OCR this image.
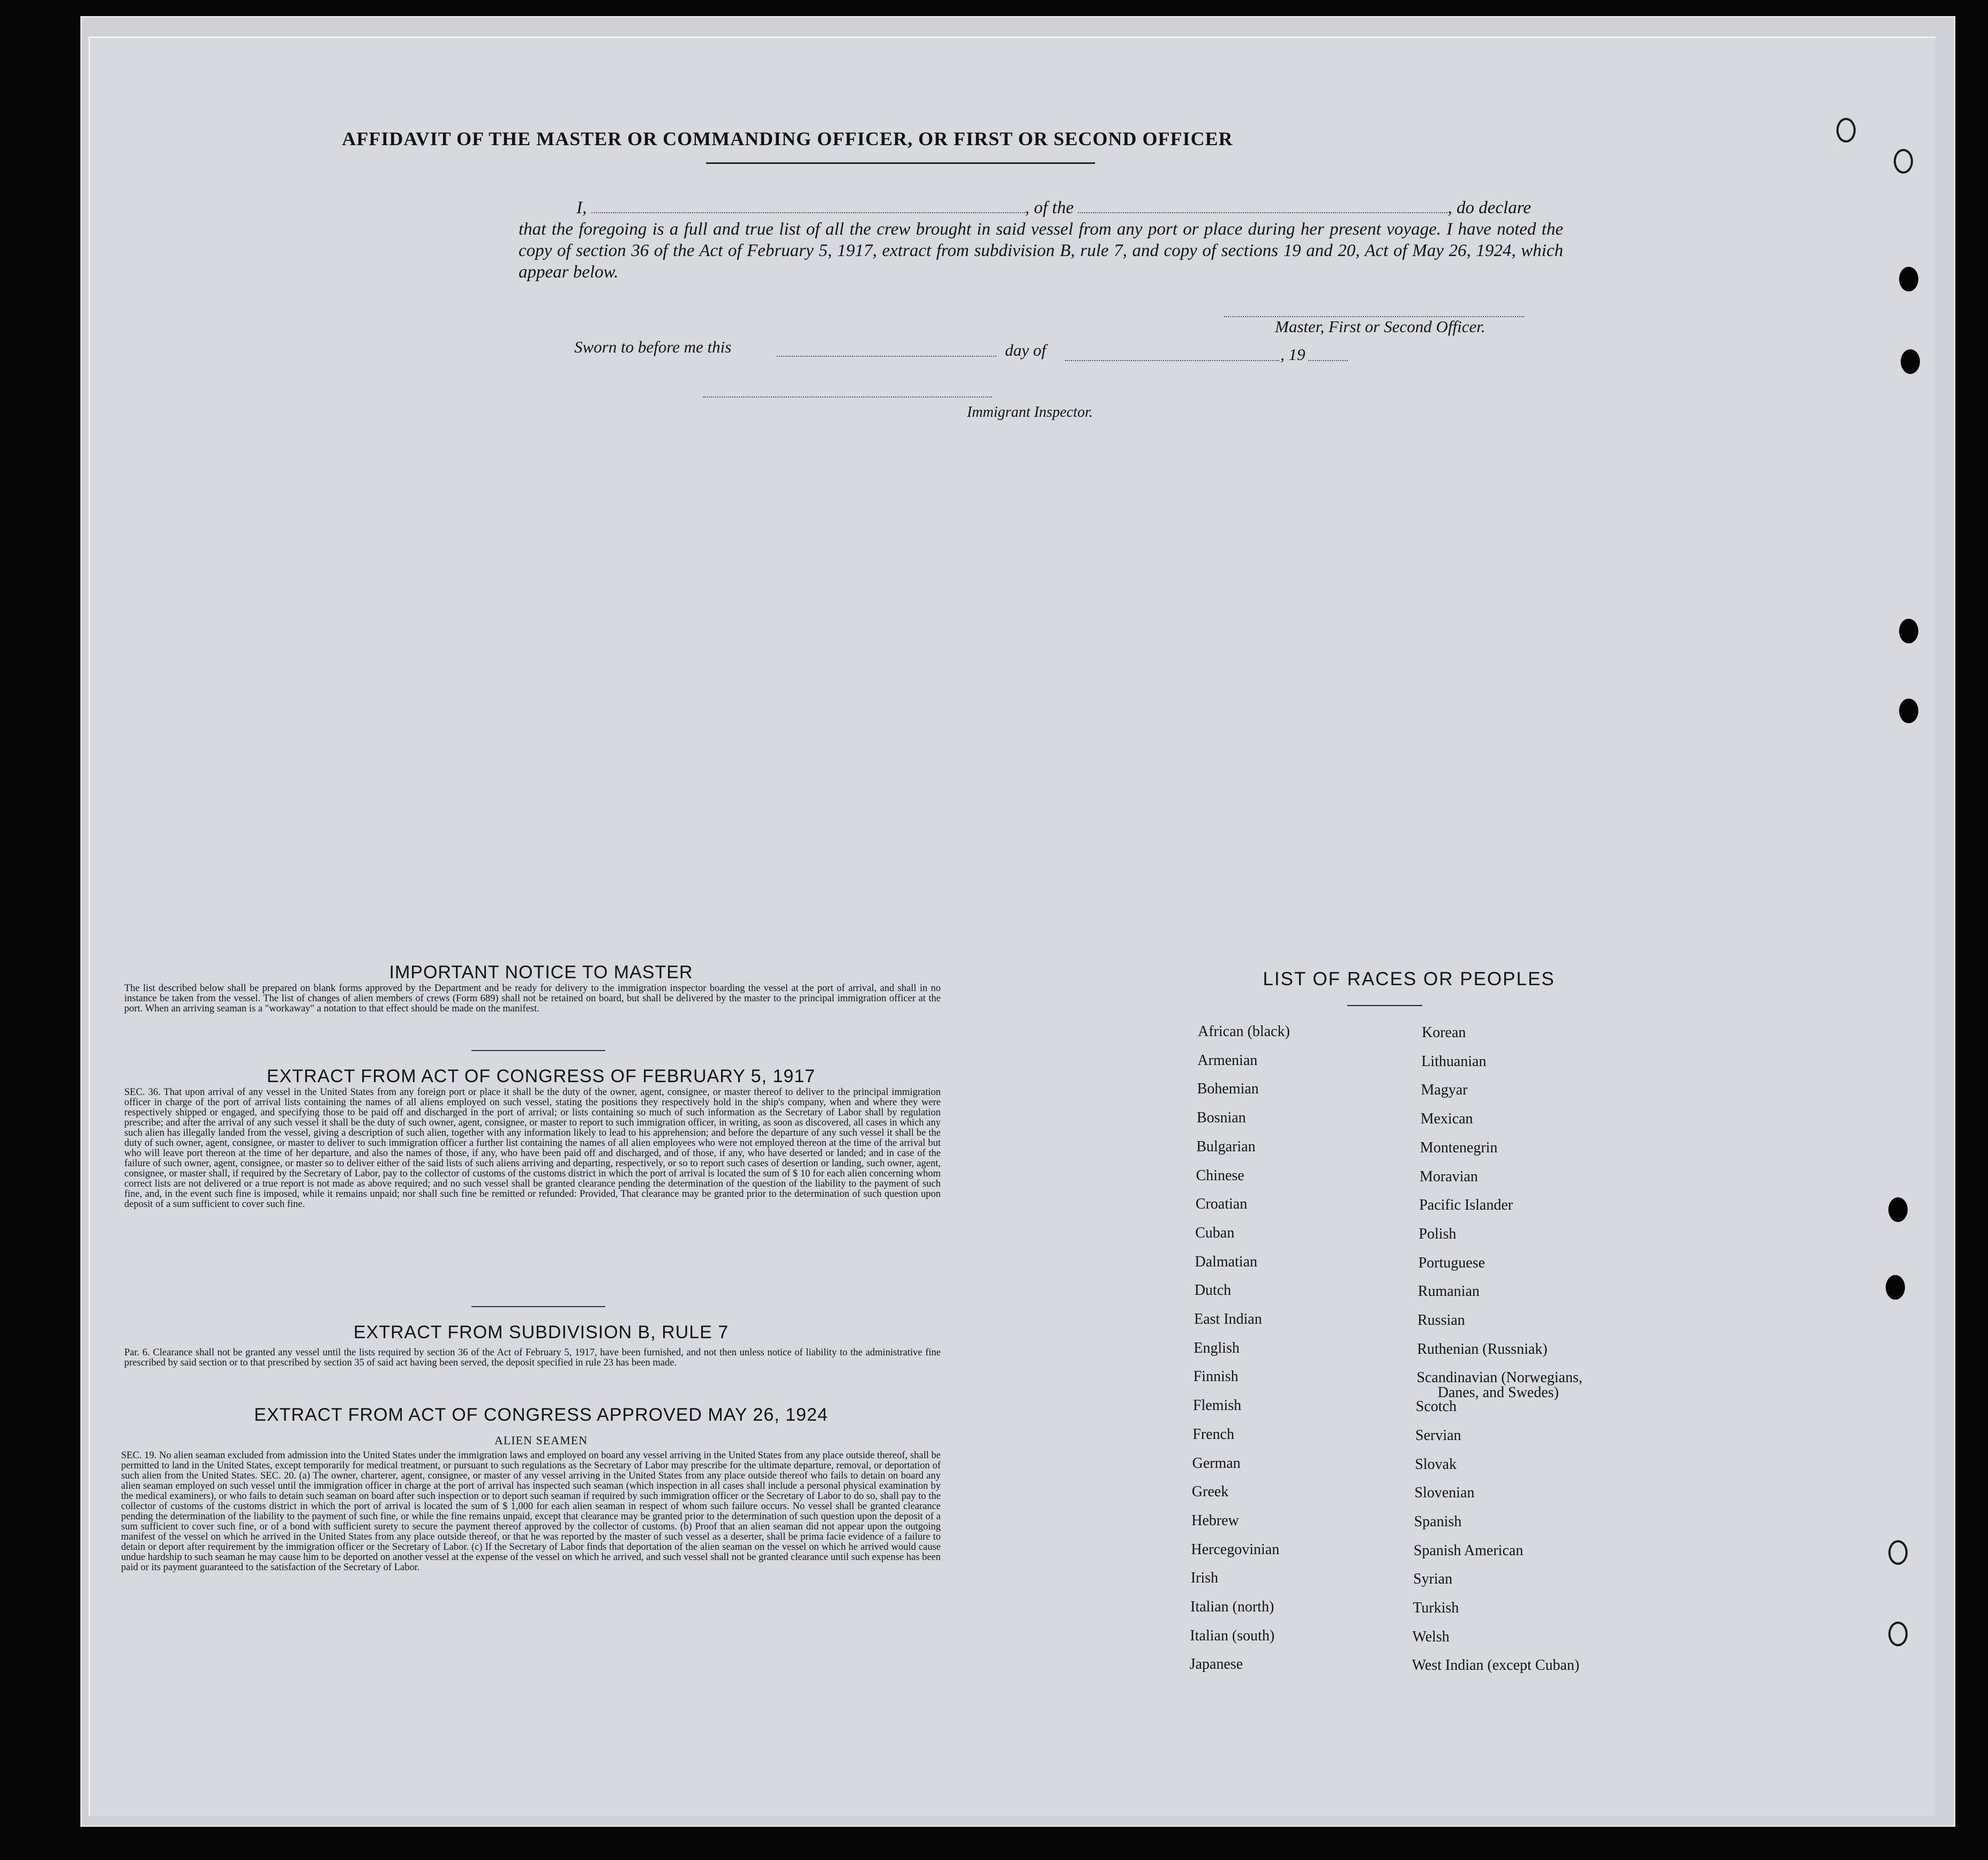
AFFIDAVIT OF THE MASTER OR COMMANDING OFFICER, OR FIRST OR SECOND OFFICER
I,	, of the	, do declare
that the foregoing is a full and true list of all the crew brought in said vessel from any port or place during her present voyage. I have noted the copy of section 36 of the Act of February 5, 1917, extract from subdivision B, rule 7, and copy of sections 19 and 20, Act of May 26, 1924, which appear below.
Master, First or Second Officer.
Sworn to before me this	day of	, 19
Immigrant Inspector.
IMPORTANT NOTICE TO MASTER
The list described below shall be prepared on blank forms approved by the Department and be ready for delivery to the immigration inspector boarding the vessel at the port of arrival, and shall in no instance be taken from the vessel. The list of changes of alien members of crews (Form 689) shall not be retained on board, but shall be delivered by the master to the principal immigration officer at the port. When an arriving seaman is a "workaway" a notation to that effect should be made on the manifest.
EXTRACT FROM ACT OF CONGRESS OF FEBRUARY 5, 1917
SEC. 36. That upon arrival of any vessel in the United States from any foreign port or place it shall be the duty of the owner, agent, consignee, or master thereof to deliver to the principal immigration officer in charge of the port of arrival lists containing the names of all aliens employed on such vessel, stating the positions they respectively hold in the ship's company, when and where they were respectively shipped or engaged, and specifying those to be paid off and discharged in the port of arrival; or lists containing so much of such information as the Secretary of Labor shall by regulation prescribe; and after the arrival of any such vessel it shall be the duty of such owner, agent, consignee, or master to report to such immigration officer, in writing, as soon as discovered, all cases in which any such alien has illegally landed from the vessel, giving a description of such alien, together with any information likely to lead to his apprehension; and before the departure of any such vessel it shall be the duty of such owner, agent, consignee, or master to deliver to such immigration officer a further list containing the names of all alien employees who were not employed thereon at the time of the arrival but who will leave port thereon at the time of her departure, and also the names of those, if any, who have been paid off and discharged, and of those, if any, who have deserted or landed; and in case of the failure of such owner, agent, consignee, or master so to deliver either of the said lists of such aliens arriving and departing, respectively, or so to report such cases of desertion or landing, such owner, agent, consignee, or master shall, if required by the Secretary of Labor, pay to the collector of customs of the customs district in which the port of arrival is located the sum of $ 10 for each alien concerning whom correct lists are not delivered or a true report is not made as above required; and no such vessel shall be granted clearance pending the determination of the question of the liability to the payment of such fine, and, in the event such fine is imposed, while it remains unpaid; nor shall such fine be remitted or refunded: Provided, That clearance may be granted prior to the determination of such question upon deposit of a sum sufficient to cover such fine.
EXTRACT FROM SUBDIVISION B, RULE 7
Par. 6. Clearance shall not be granted any vessel until the lists required by section 36 of the Act of February 5, 1917, have been furnished, and not then unless notice of liability to the administrative fine prescribed by said section or to that prescribed by section 35 of said act having been served, the deposit specified in rule 23 has been made.
EXTRACT FROM ACT OF CONGRESS APPROVED MAY 26, 1924
ALIEN SEAMEN
SEC. 19. No alien seaman excluded from admission into the United States under the immigration laws and employed on board any vessel arriving in the United States from any place outside thereof, shall be permitted to land in the United States, except temporarily for medical treatment, or pursuant to such regulations as the Secretary of Labor may prescribe for the ultimate departure, removal, or deportation of such alien from the United States. SEC. 20. (a) The owner, charterer, agent, consignee, or master of any vessel arriving in the United States from any place outside thereof who fails to detain on board any alien seaman employed on such vessel until the immigration officer in charge at the port of arrival has inspected such seaman (which inspection in all cases shall include a personal physical examination by the medical examiners), or who fails to detain such seaman on board after such inspection or to deport such seaman if required by such immigration officer or the Secretary of Labor to do so, shall pay to the collector of customs of the customs district in which the port of arrival is located the sum of $ 1,000 for each alien seaman in respect of whom such failure occurs. No vessel shall be granted clearance pending the determination of the liability to the payment of such fine, or while the fine remains unpaid, except that clearance may be granted prior to the determination of such question upon the deposit of a sum sufficient to cover such fine, or of a bond with sufficient surety to secure the payment thereof approved by the collector of customs. (b) Proof that an alien seaman did not appear upon the outgoing manifest of the vessel on which he arrived in the United States from any place outside thereof, or that he was reported by the master of such vessel as a deserter, shall be prima facie evidence of a failure to detain or deport after requirement by the immigration officer or the Secretary of Labor. (c) If the Secretary of Labor finds that deportation of the alien seaman on the vessel on which he arrived would cause undue hardship to such seaman he may cause him to be deported on another vessel at the expense of the vessel on which he arrived, and such vessel shall not be granted clearance until such expense has been paid or its payment guaranteed to the satisfaction of the Secretary of Labor.
LIST OF RACES OR PEOPLES
African (black)
Armenian
Bohemian
Bosnian
Bulgarian
Chinese
Croatian
Cuban
Dalmatian
Dutch
East Indian
English
Finnish
Flemish
French
German
Greek
Hebrew
Hercegovinian
Irish
Italian (north)
Italian (south)
Japanese
Korean
Lithuanian
Magyar
Mexican
Montenegrin
Moravian
Pacific Islander
Polish
Portuguese
Rumanian
Russian
Ruthenian (Russniak)
Scandinavian (Norwegians,
Danes, and Swedes)
Scotch
Servian
Slovak
Slovenian
Spanish
Spanish American
Syrian
Turkish
Welsh
West Indian (except Cuban)
